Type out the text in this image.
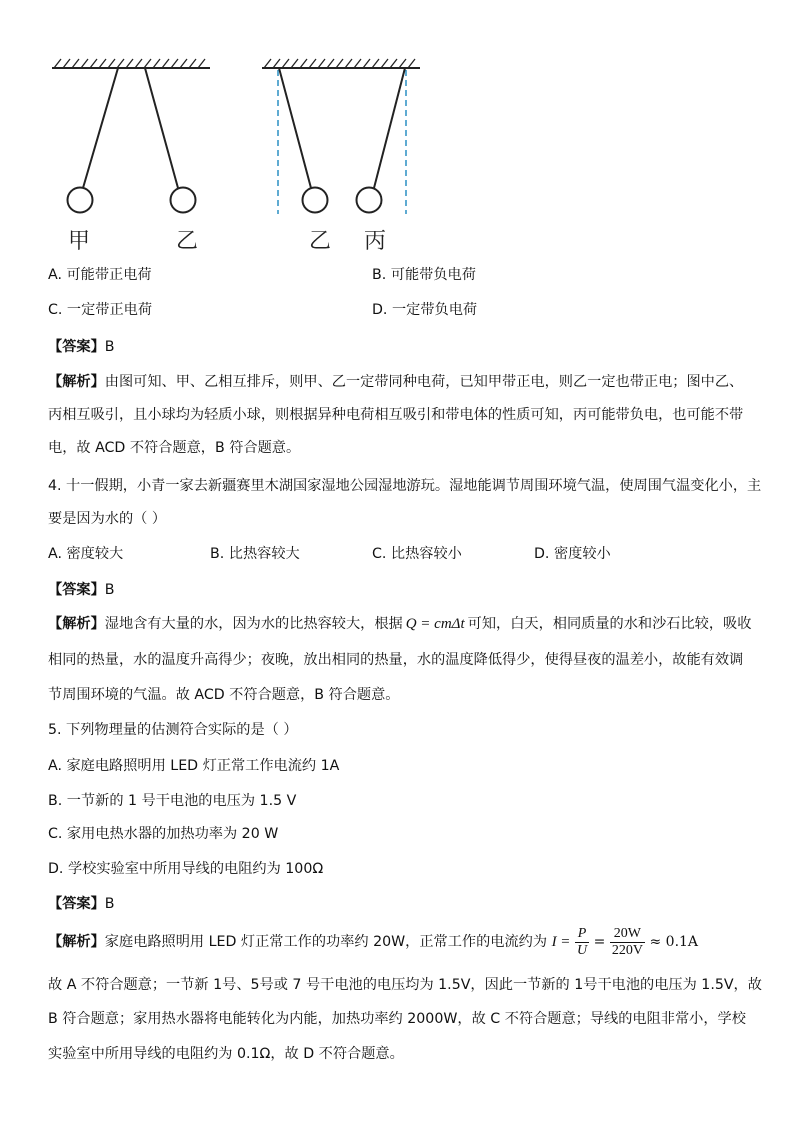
甲	乙	乙 丙
A. 可能带正电荷	B. 可能带负电荷
C. 一定带正电荷	D. 一定带负电荷
【答案】B
【解析】由图可知、甲、乙相互排斥，则甲、乙一定带同种电荷，已知甲带正电，则乙一定也带正电；图中乙、
丙相互吸引，且小球均为轻质小球，则根据异种电荷相互吸引和带电体的性质可知，丙可能带负电，也可能不带
电，故 ACD 不符合题意，B 符合题意。
4. 十一假期，小青一家去新疆赛里木湖国家湿地公园湿地游玩。湿地能调节周围环境气温，使周围气温变化小，主
要是因为水的（ ）
A. 密度较大	B. 比热容较大	C. 比热容较小	D. 密度较小
【答案】B
【解析】湿地含有大量的水，因为水的比热容较大，根据 Q = cmΔt 可知，白天，相同质量的水和沙石比较，吸收
相同的热量，水的温度升高得少；夜晚，放出相同的热量，水的温度降低得少，使得昼夜的温差小，故能有效调
节周围环境的气温。故 ACD 不符合题意，B 符合题意。
5. 下列物理量的估测符合实际的是（ ）
A. 家庭电路照明用 LED 灯正常工作电流约 1A
B. 一节新的 1 号干电池的电压为 1.5 V
C. 家用电热水器的加热功率为 20 W
D. 学校实验室中所用导线的电阻约为 100Ω
【答案】B
【解析】家庭电路照明用 LED 灯正常工作的功率约 20W，正常工作的电流约为 $I = \frac{P}{U} = \frac{20W}{220V} \approx 0.1A$
故 A 不符合题意；一节新 1号、5号或 7 号干电池的电压均为 1.5V，因此一节新的 1号干电池的电压为 1.5V，故
B 符合题意；家用热水器将电能转化为内能，加热功率约 2000W，故 C 不符合题意；导线的电阻非常小，学校
实验室中所用导线的电阻约为 0.1Ω，故 D 不符合题意。
